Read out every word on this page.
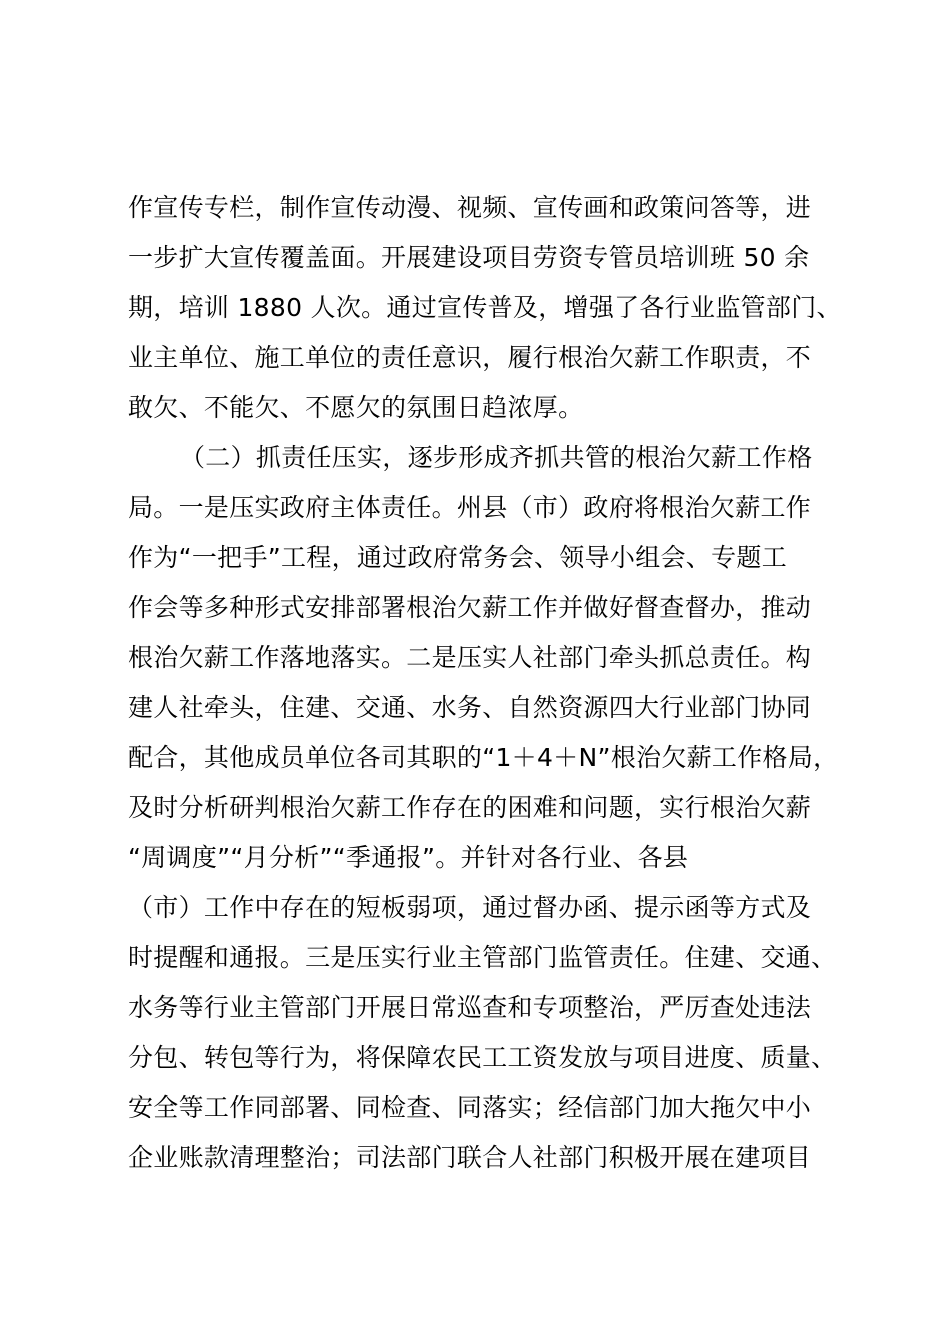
作宣传专栏，制作宣传动漫、视频、宣传画和政策问答等，进
一步扩大宣传覆盖面。开展建设项目劳资专管员培训班 50 余
期，培训 1880 人次。通过宣传普及，增强了各行业监管部门、
业主单位、施工单位的责任意识，履行根治欠薪工作职责，不
敢欠、不能欠、不愿欠的氛围日趋浓厚。
（二）抓责任压实，逐步形成齐抓共管的根治欠薪工作格
局。一是压实政府主体责任。州县（市）政府将根治欠薪工作
作为“一把手”工程，通过政府常务会、领导小组会、专题工
作会等多种形式安排部署根治欠薪工作并做好督查督办，推动
根治欠薪工作落地落实。二是压实人社部门牵头抓总责任。构
建人社牵头，住建、交通、水务、自然资源四大行业部门协同
配合，其他成员单位各司其职的“1＋4＋N”根治欠薪工作格局，
及时分析研判根治欠薪工作存在的困难和问题，实行根治欠薪
“周调度”“月分析”“季通报”。并针对各行业、各县
（市）工作中存在的短板弱项，通过督办函、提示函等方式及
时提醒和通报。三是压实行业主管部门监管责任。住建、交通、
水务等行业主管部门开展日常巡查和专项整治，严厉查处违法
分包、转包等行为，将保障农民工工资发放与项目进度、质量、
安全等工作同部署、同检查、同落实；经信部门加大拖欠中小
企业账款清理整治；司法部门联合人社部门积极开展在建项目
